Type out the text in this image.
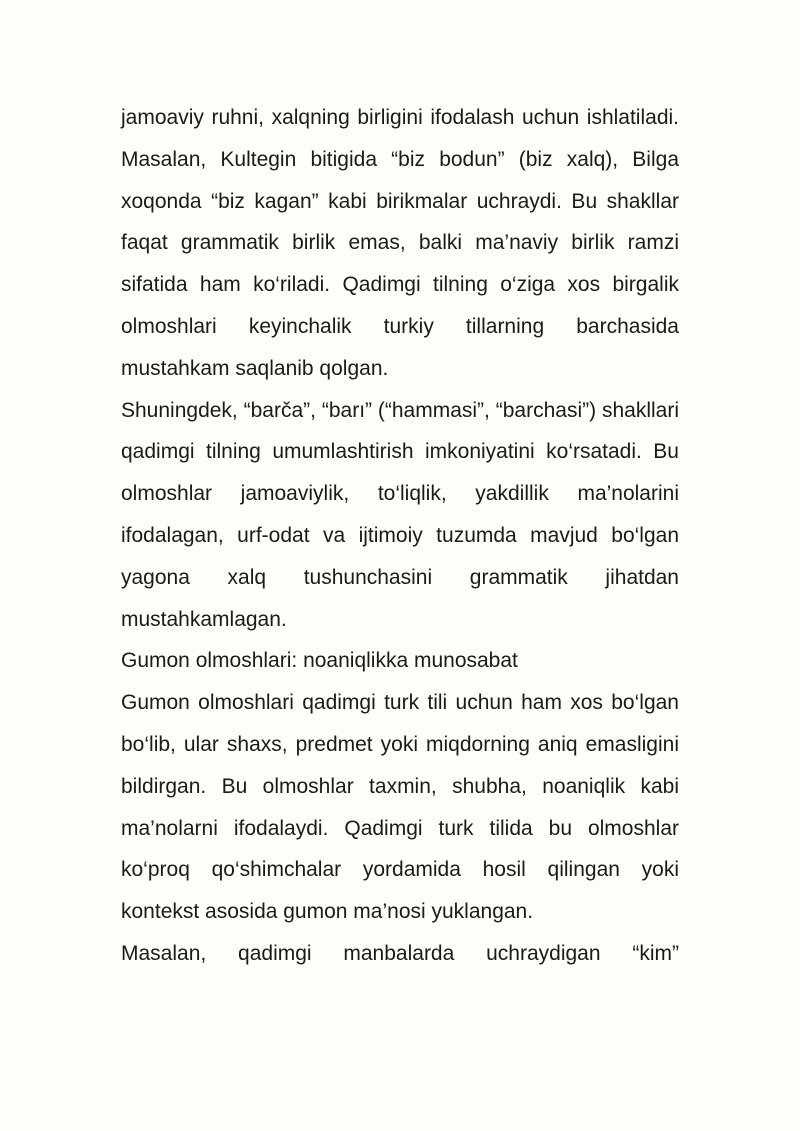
jamoaviy ruhni, xalqning birligini ifodalash uchun ishlatiladi. Masalan, Kultegin bitigida “biz bodun” (biz xalq), Bilga xoqonda “biz kagan” kabi birikmalar uchraydi. Bu shakllar faqat grammatik birlik emas, balki ma’naviy birlik ramzi sifatida ham ko‘riladi. Qadimgi tilning o‘ziga xos birgalik olmoshlari keyinchalik turkiy tillarning barchasida mustahkam saqlanib qolgan.

Shuningdek, “barča”, “barı” (“hammasi”, “barchasi”) shakllari qadimgi tilning umumlashtirish imkoniyatini ko‘rsatadi. Bu olmoshlar jamoaviylik, to‘liqlik, yakdillik ma’nolarini ifodalagan, urf-odat va ijtimoiy tuzumda mavjud bo‘lgan yagona xalq tushunchasini grammatik jihatdan mustahkamlagan.

Gumon olmoshlari: noaniqlikka munosabat

Gumon olmoshlari qadimgi turk tili uchun ham xos bo‘lgan bo‘lib, ular shaxs, predmet yoki miqdorning aniq emasligini bildirgan. Bu olmoshlar taxmin, shubha, noaniqlik kabi ma’nolarni ifodalaydi. Qadimgi turk tilida bu olmoshlar ko‘proq qo‘shimchalar yordamida hosil qilingan yoki kontekst asosida gumon ma’nosi yuklangan.

Masalan, qadimgi manbalarda uchraydigan “kim”
